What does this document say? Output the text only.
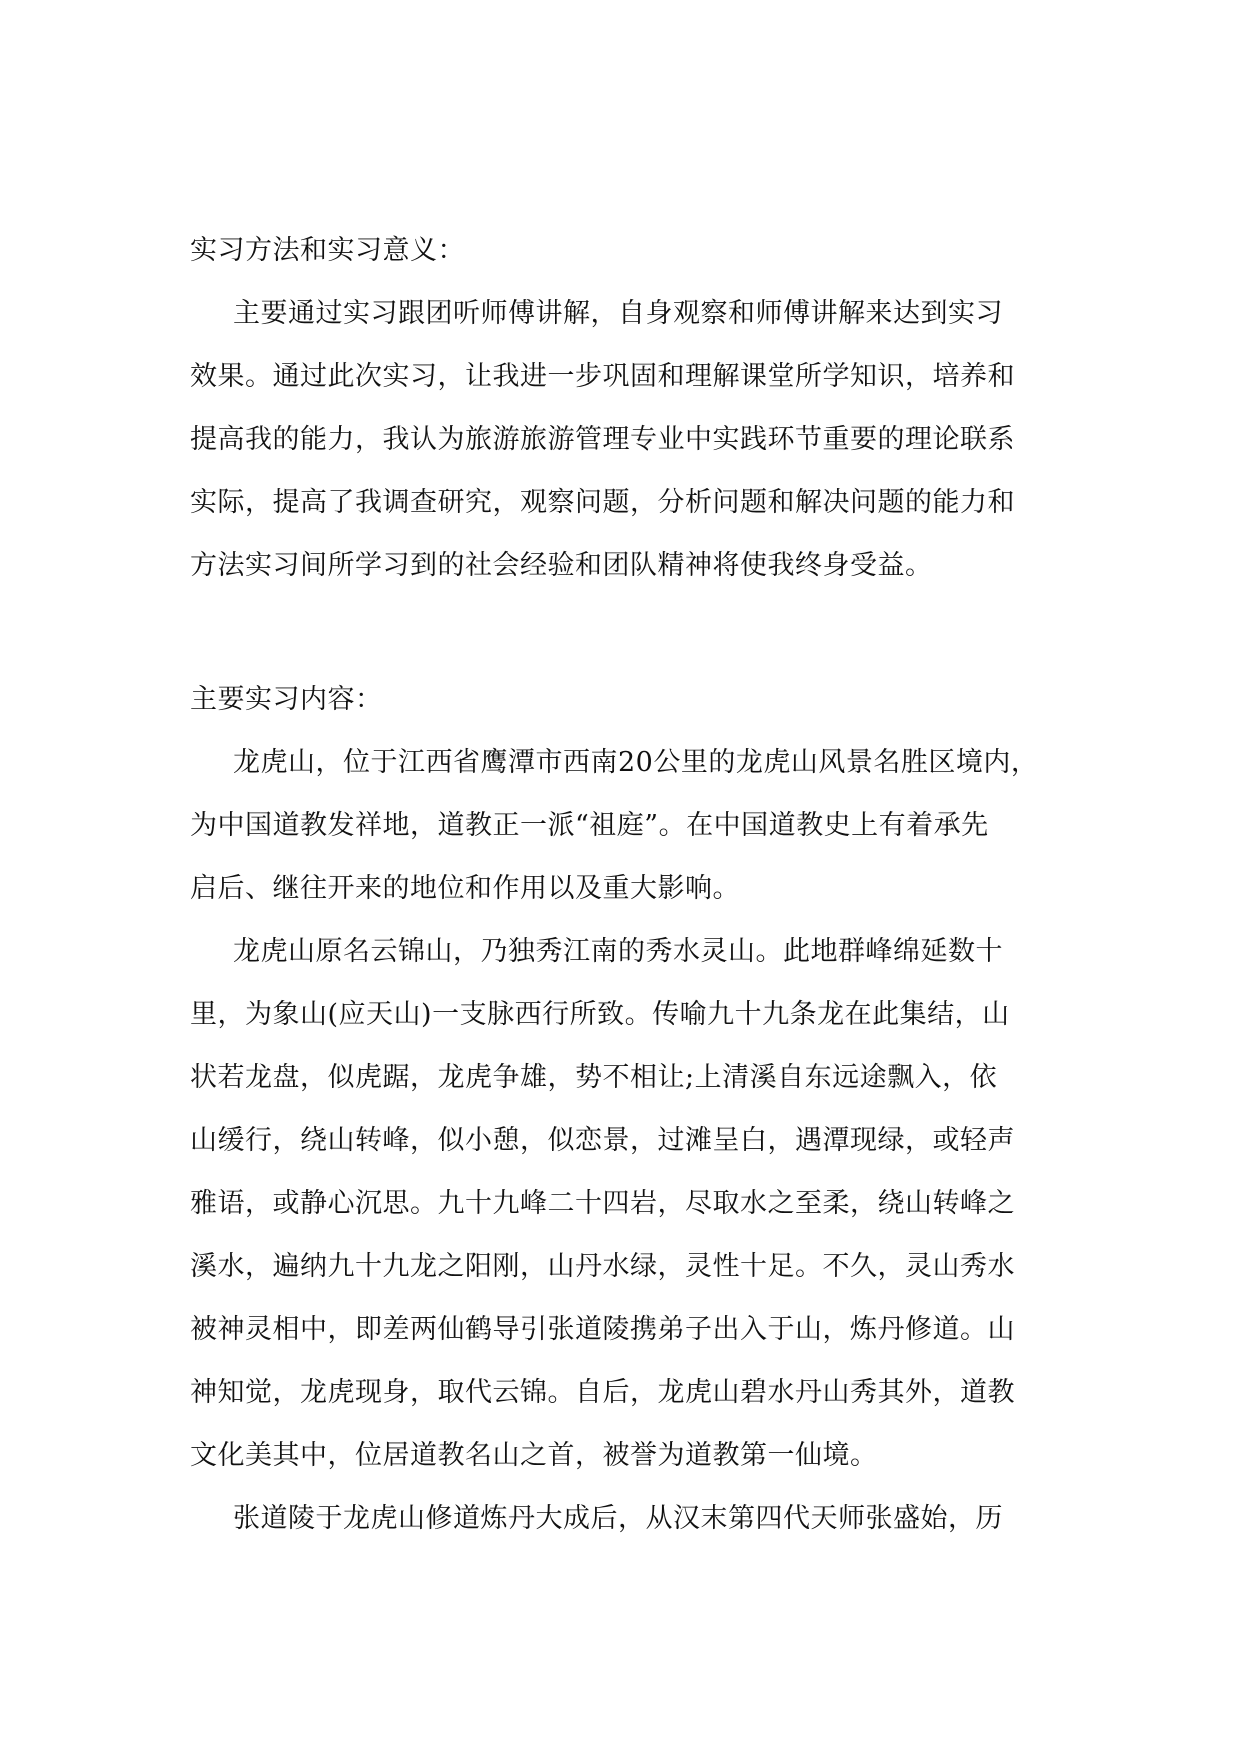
实习方法和实习意义：
主要通过实习跟团听师傅讲解，自身观察和师傅讲解来达到实习
效果。通过此次实习，让我进一步巩固和理解课堂所学知识，培养和
提高我的能力，我认为旅游旅游管理专业中实践环节重要的理论联系
实际，提高了我调查研究，观察问题，分析问题和解决问题的能力和
方法实习间所学习到的社会经验和团队精神将使我终身受益。
主要实习内容：
龙虎山，位于江西省鹰潭市西南20公里的龙虎山风景名胜区境内，
为中国道教发祥地，道教正一派“祖庭”。在中国道教史上有着承先
启后、继往开来的地位和作用以及重大影响。
龙虎山原名云锦山，乃独秀江南的秀水灵山。此地群峰绵延数十
里，为象山(应天山)一支脉西行所致。传喻九十九条龙在此集结，山
状若龙盘，似虎踞，龙虎争雄，势不相让;上清溪自东远途飘入，依
山缓行，绕山转峰，似小憩，似恋景，过滩呈白，遇潭现绿，或轻声
雅语，或静心沉思。九十九峰二十四岩，尽取水之至柔，绕山转峰之
溪水，遍纳九十九龙之阳刚，山丹水绿，灵性十足。不久，灵山秀水
被神灵相中，即差两仙鹤导引张道陵携弟子出入于山，炼丹修道。山
神知觉，龙虎现身，取代云锦。自后，龙虎山碧水丹山秀其外，道教
文化美其中，位居道教名山之首，被誉为道教第一仙境。
张道陵于龙虎山修道炼丹大成后，从汉末第四代天师张盛始，历
